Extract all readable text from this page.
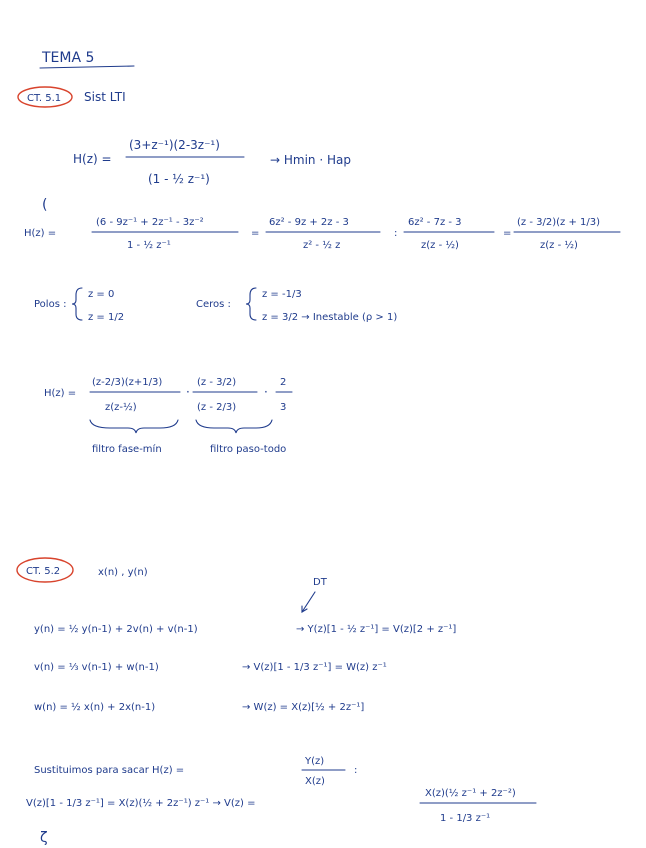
TEMA 5
CT. 5.1 Sist LTI
H(z) =
(3+z⁻¹)(2-3z⁻¹)
(1 - ½ z⁻¹)
→ Hmin · Hap
(
H(z) =
(6 - 9z⁻¹ + 2z⁻¹ - 3z⁻²
1 - ½ z⁻¹
=
6z² - 9z + 2z - 3
z² - ½ z
:
6z² - 7z - 3
z(z - ½)
=
(z - 3/2)(z + 1/3)
z(z - ½)
Polos :
z = 0
z = 1/2
Ceros :
z = -1/3
z = 3/2 → Inestable (ρ > 1)
H(z) =
(z-2/3)(z+1/3)
z(z-½)
·
(z - 3/2)
(z - 2/3)
·
2
3
filtro fase-mín	filtro paso-todo
CT. 5.2	x(n) , y(n)
DT
y(n) = ½ y(n-1) + 2v(n) + v(n-1)	→ Y(z)[1 - ½ z⁻¹] = V(z)[2 + z⁻¹]
v(n) = ⅓ v(n-1) + w(n-1)	→ V(z)[1 - 1/3 z⁻¹] = W(z) z⁻¹
w(n) = ½ x(n) + 2x(n-1)	→ W(z) = X(z)[½ + 2z⁻¹]
Sustituimos para sacar H(z) =
Y(z)
X(z)
:
V(z)[1 - 1/3 z⁻¹] = X(z)(½ + 2z⁻¹) z⁻¹ → V(z) =
X(z)(½ z⁻¹ + 2z⁻²)
1 - 1/3 z⁻¹
ζ
